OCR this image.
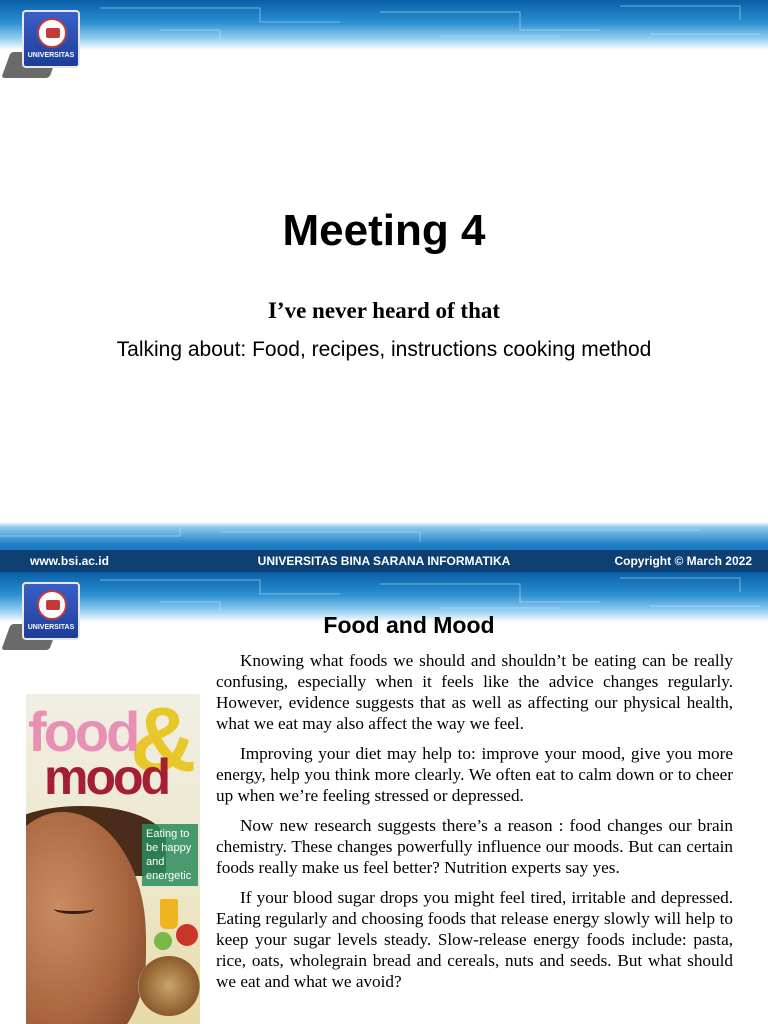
UNIVERSITAS
Meeting 4
I’ve never heard of that
Talking about: Food, recipes, instructions cooking method
www.bsi.ac.id	UNIVERSITAS BINA SARANA INFORMATIKA	Copyright © March 2022
UNIVERSITAS	Food and Mood
&
food
mood
Eating to be happy and energetic

Knowing what foods we should and shouldn’t be eating can be really confusing, especially when it feels like the advice changes regularly. However, evidence suggests that as well as affecting our physical health, what we eat may also affect the way we feel.

Improving your diet may help to: improve your mood, give you more energy, help you think more clearly. We often eat to calm down or to cheer up when we’re feeling stressed or depressed.

Now new research suggests there’s a reason : food changes our brain chemistry. These changes powerfully influence our moods. But can certain foods really make us feel better? Nutrition experts say yes.

If your blood sugar drops you might feel tired, irritable and depressed. Eating regularly and choosing foods that release energy slowly will help to keep your sugar levels steady. Slow-release energy foods include: pasta, rice, oats, wholegrain bread and cereals, nuts and seeds. But what should we eat and what we avoid?
